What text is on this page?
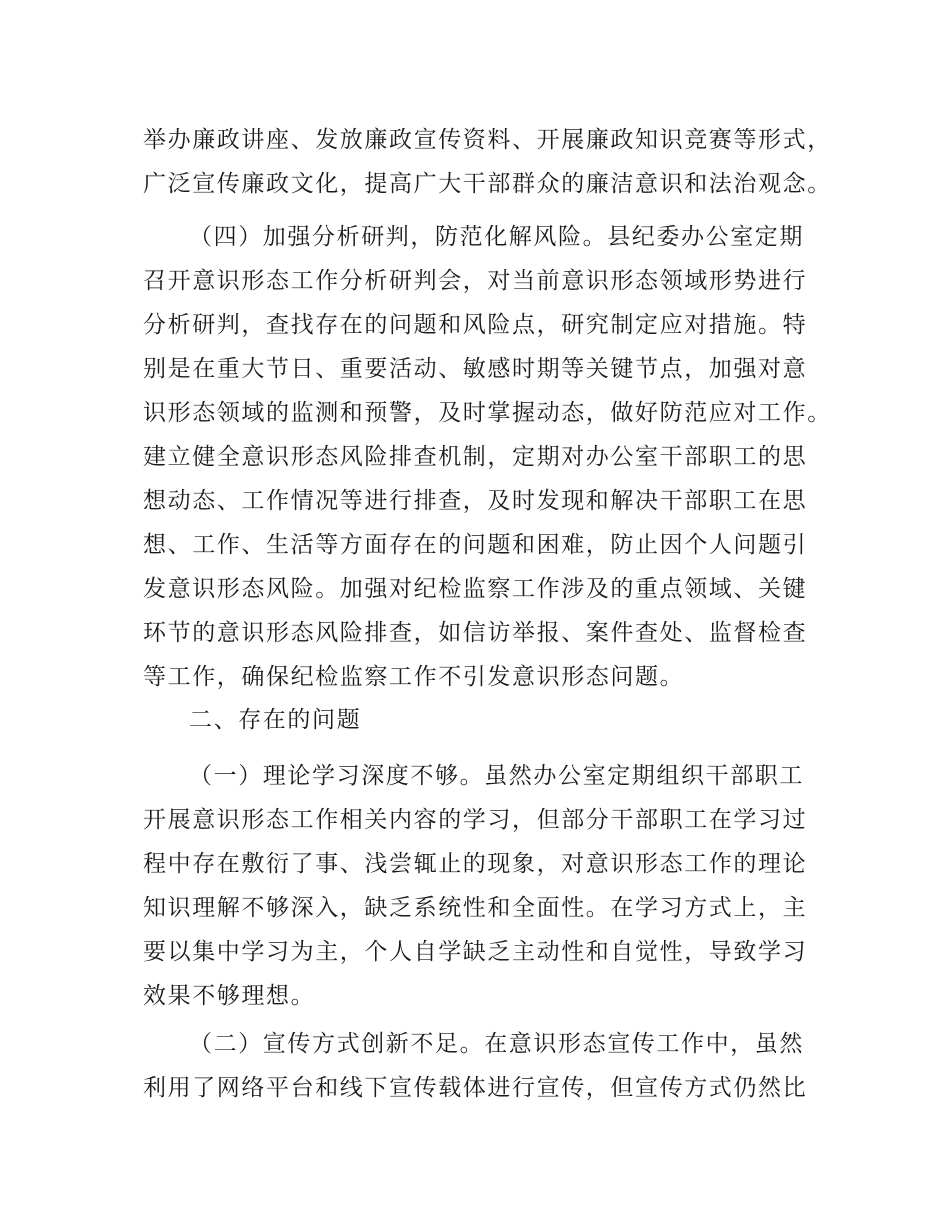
举办廉政讲座、发放廉政宣传资料、开展廉政知识竞赛等形式，
广泛宣传廉政文化，提高广大干部群众的廉洁意识和法治观念。
（四）加强分析研判，防范化解风险。县纪委办公室定期
召开意识形态工作分析研判会，对当前意识形态领域形势进行
分析研判，查找存在的问题和风险点，研究制定应对措施。特
别是在重大节日、重要活动、敏感时期等关键节点，加强对意
识形态领域的监测和预警，及时掌握动态，做好防范应对工作。
建立健全意识形态风险排查机制，定期对办公室干部职工的思
想动态、工作情况等进行排查，及时发现和解决干部职工在思
想、工作、生活等方面存在的问题和困难，防止因个人问题引
发意识形态风险。加强对纪检监察工作涉及的重点领域、关键
环节的意识形态风险排查，如信访举报、案件查处、监督检查
等工作，确保纪检监察工作不引发意识形态问题。
二、存在的问题
（一）理论学习深度不够。虽然办公室定期组织干部职工
开展意识形态工作相关内容的学习，但部分干部职工在学习过
程中存在敷衍了事、浅尝辄止的现象，对意识形态工作的理论
知识理解不够深入，缺乏系统性和全面性。在学习方式上，主
要以集中学习为主，个人自学缺乏主动性和自觉性，导致学习
效果不够理想。
（二）宣传方式创新不足。在意识形态宣传工作中，虽然
利用了网络平台和线下宣传载体进行宣传，但宣传方式仍然比
